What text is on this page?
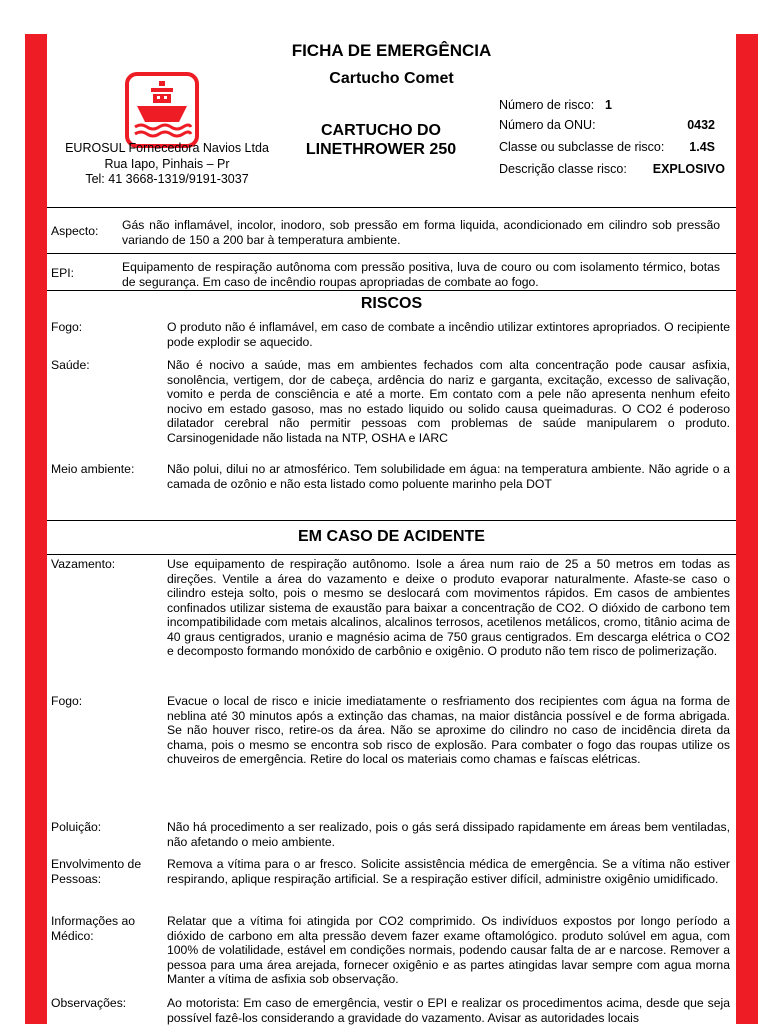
FICHA DE EMERGÊNCIA
Cartucho Comet
EUROSUL Fornecedora Navios Ltda
Rua Iapo, Pinhais – Pr
Tel: 41 3668-1319/9191-3037
CARTUCHO DO
LINETHROWER 250
Número de risco: 1
Número da ONU:	0432
Classe ou subclasse de risco: 1.4S
Descrição classe risco: EXPLOSIVO
Aspecto: Gás não inflamável, incolor, inodoro, sob pressão em forma liquida, acondicionado em cilindro sob pressão variando de 150 a 200 bar à temperatura ambiente.
EPI:	Equipamento de respiração autônoma com pressão positiva, luva de couro ou com isolamento térmico, botas de segurança. Em caso de incêndio roupas apropriadas de combate ao fogo.
RISCOS
Fogo:	O produto não é inflamável, em caso de combate a incêndio utilizar extintores apropriados. O recipiente pode explodir se aquecido.
Saúde:	Não é nocivo a saúde, mas em ambientes fechados com alta concentração pode causar asfixia, sonolência, vertigem, dor de cabeça, ardência do nariz e garganta, excitação, excesso de salivação, vomito e perda de consciência e até a morte. Em contato com a pele não apresenta nenhum efeito nocivo em estado gasoso, mas no estado liquido ou solido causa queimaduras. O CO2 é poderoso dilatador cerebral não permitir pessoas com problemas de saúde manipularem o produto. Carsinogenidade não listada na NTP, OSHA e IARC
Meio ambiente:	Não polui, dilui no ar atmosférico. Tem solubilidade em água: na temperatura ambiente. Não agride o a camada de ozônio e não esta listado como poluente marinho pela DOT
EM CASO DE ACIDENTE
Vazamento:	Use equipamento de respiração autônomo. Isole a área num raio de 25 a 50 metros em todas as direções. Ventile a área do vazamento e deixe o produto evaporar naturalmente. Afaste-se caso o cilindro esteja solto, pois o mesmo se deslocará com movimentos rápidos. Em casos de ambientes confinados utilizar sistema de exaustão para baixar a concentração de CO2. O dióxido de carbono tem incompatibilidade com metais alcalinos, alcalinos terrosos, acetilenos metálicos, cromo, titânio acima de 40 graus centigrados, uranio e magnésio acima de 750 graus centigrados. Em descarga elétrica o CO2 e decomposto formando monóxido de carbônio e oxigênio. O produto não tem risco de polimerização.
Fogo:	Evacue o local de risco e inicie imediatamente o resfriamento dos recipientes com água na forma de neblina até 30 minutos após a extinção das chamas, na maior distância possível e de forma abrigada. Se não houver risco, retire-os da área. Não se aproxime do cilindro no caso de incidência direta da chama, pois o mesmo se encontra sob risco de explosão. Para combater o fogo das roupas utilize os chuveiros de emergência. Retire do local os materiais como chamas e faíscas elétricas.
Poluição:	Não há procedimento a ser realizado, pois o gás será dissipado rapidamente em áreas bem ventiladas, não afetando o meio ambiente.
Envolvimento de Pessoas:
Remova a vítima para o ar fresco. Solicite assistência médica de emergência. Se a vítima não estiver respirando, aplique respiração artificial. Se a respiração estiver difícil, administre oxigênio umidificado.
Informações ao Médico:
Relatar que a vítima foi atingida por CO2 comprimido. Os indivíduos expostos por longo período a dióxido de carbono em alta pressão devem fazer exame oftamológico. produto solúvel em agua, com 100% de volatilidade, estável em condições normais, podendo causar falta de ar e narcose. Remover a pessoa para uma área arejada, fornecer oxigênio e as partes atingidas lavar sempre com agua morna Manter a vítima de asfixia sob observação.
Observações:	Ao motorista: Em caso de emergência, vestir o EPI e realizar os procedimentos acima, desde que seja possível fazê-los considerando a gravidade do vazamento. Avisar as autoridades locais
